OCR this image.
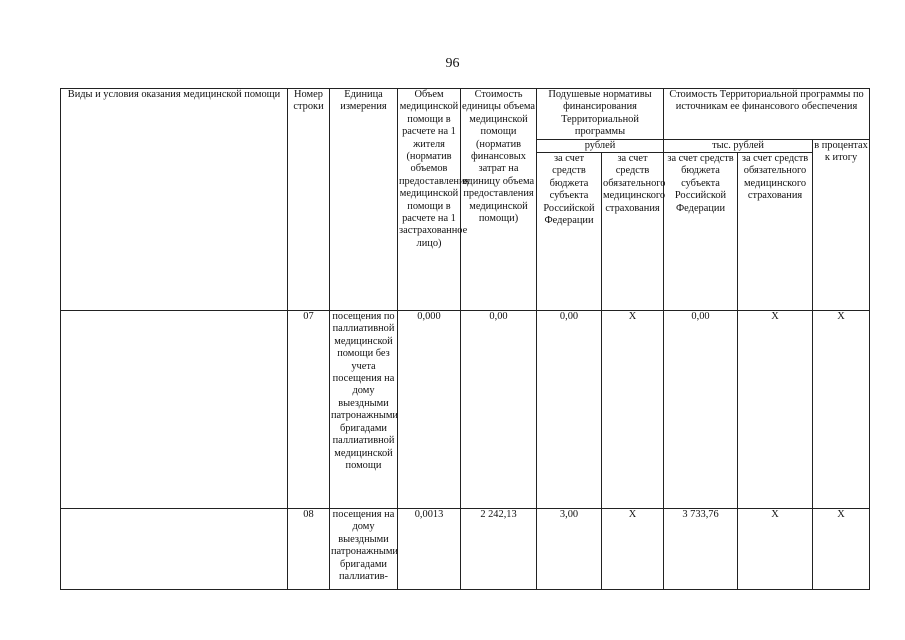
96
Виды и условия оказания медицинской помощи	Номер строки	Единица измерения	Объем медицинской помощи в расчете на 1 жителя (норматив объемов предоставления медицинской помощи в расчете на 1 застрахованное лицо)	Стоимость единицы объема медицинской помощи (норматив финансовых затрат на единицу объема предоставления медицинской помощи)	Подушевые нормативы финансирования Территориальной программы		Стоимость Территориальной программы по источникам ее финансового обеспечения		
					рублей		тыс. рублей		в процентах к итогу
					за счет средств бюджета субъекта Российской Федерации	за счет средств обязательного медицинского страхования	за счет средств бюджета субъекта Российской Федерации	за счет средств обязательного медицинского страхования	
	07	посещения по паллиативной медицинской помощи без учета посещения на дому выездными патронажными бригадами паллиативной медицинской помощи	0,000	0,00	0,00	Х	0,00	Х	Х
	08	посещения на дому выездными патронажными бригадами паллиатив-	0,0013	2 242,13	3,00	Х	3 733,76	Х	Х
